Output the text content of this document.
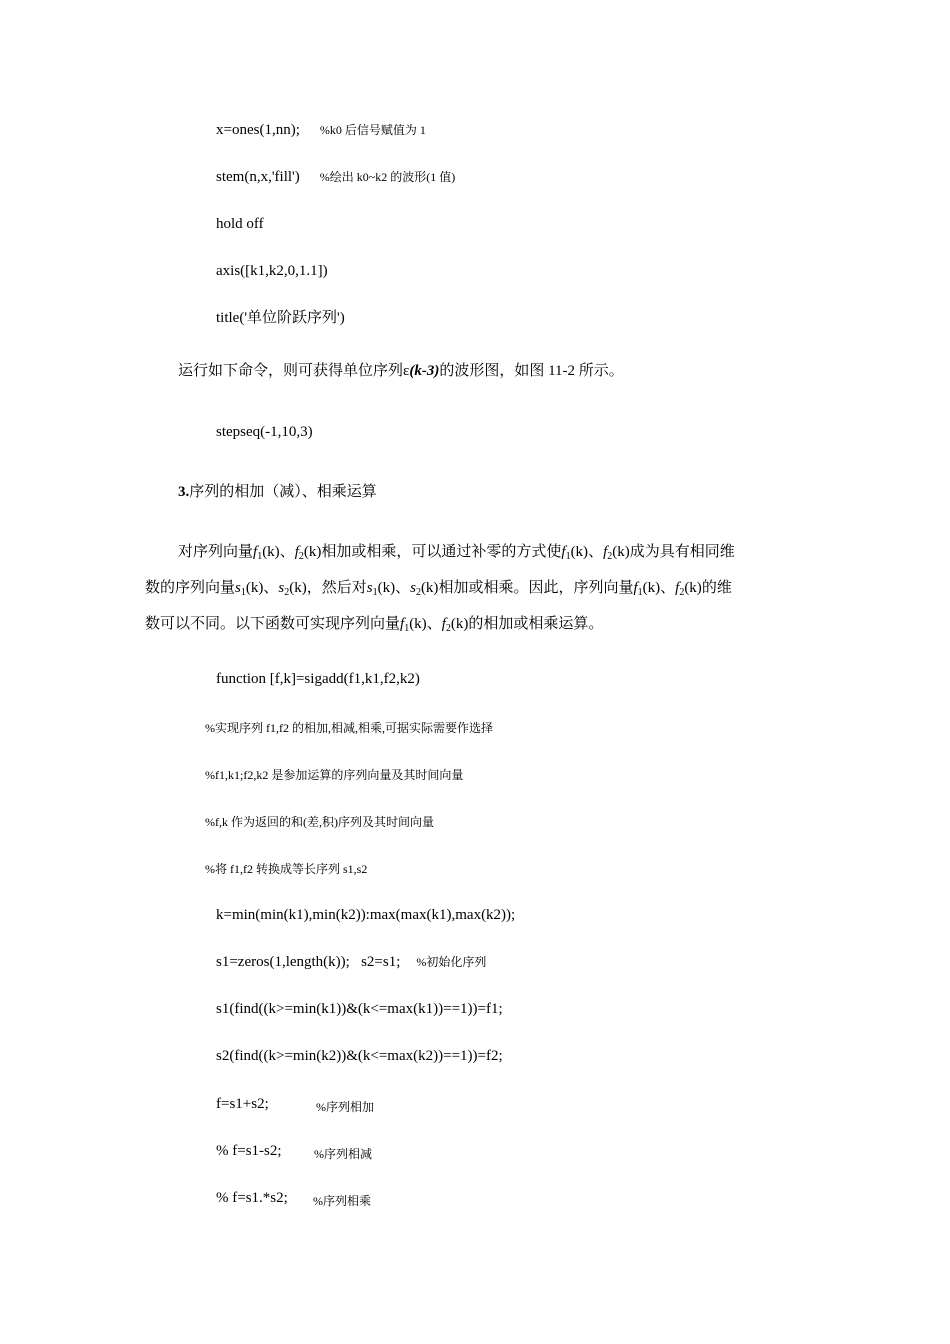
x=ones(1,nn); %k0 后信号赋值为 1
stem(n,x,'fill') %绘出 k0~k2 的波形(1 值)
hold off
axis([k1,k2,0,1.1])
title('单位阶跃序列')
运行如下命令，则可获得单位序列ε(k-3)的波形图，如图 11-2 所示。
stepseq(-1,10,3)
3.序列的相加（减）、相乘运算
对序列向量$f_1(k)$、$f_2(k)$相加或相乘，可以通过补零的方式使$f_1(k)$、$f_2(k)$成为具有相同维
数的序列向量$s_1(k)$、$s_2(k)$，然后对$s_1(k)$、$s_2(k)$相加或相乘。因此，序列向量$f_1(k)$、$f_2(k)$的维
数可以不同。以下函数可实现序列向量$f_1(k)$、$f_2(k)$的相加或相乘运算。
function [f,k]=sigadd(f1,k1,f2,k2)
%实现序列 f1,f2 的相加,相减,相乘,可据实际需要作选择
%f1,k1;f2,k2 是参加运算的序列向量及其时间向量
%f,k 作为返回的和(差,积)序列及其时间向量
%将 f1,f2 转换成等长序列 s1,s2
k=min(min(k1),min(k2)):max(max(k1),max(k2));
s1=zeros(1,length(k));   s2=s1; %初始化序列
s1(find((k>=min(k1))&(k<=max(k1))==1))=f1;
s2(find((k>=min(k2))&(k<=max(k2))==1))=f2;
f=s1+s2;	%序列相加
% f=s1-s2;	%序列相减
% f=s1.*s2; %序列相乘
